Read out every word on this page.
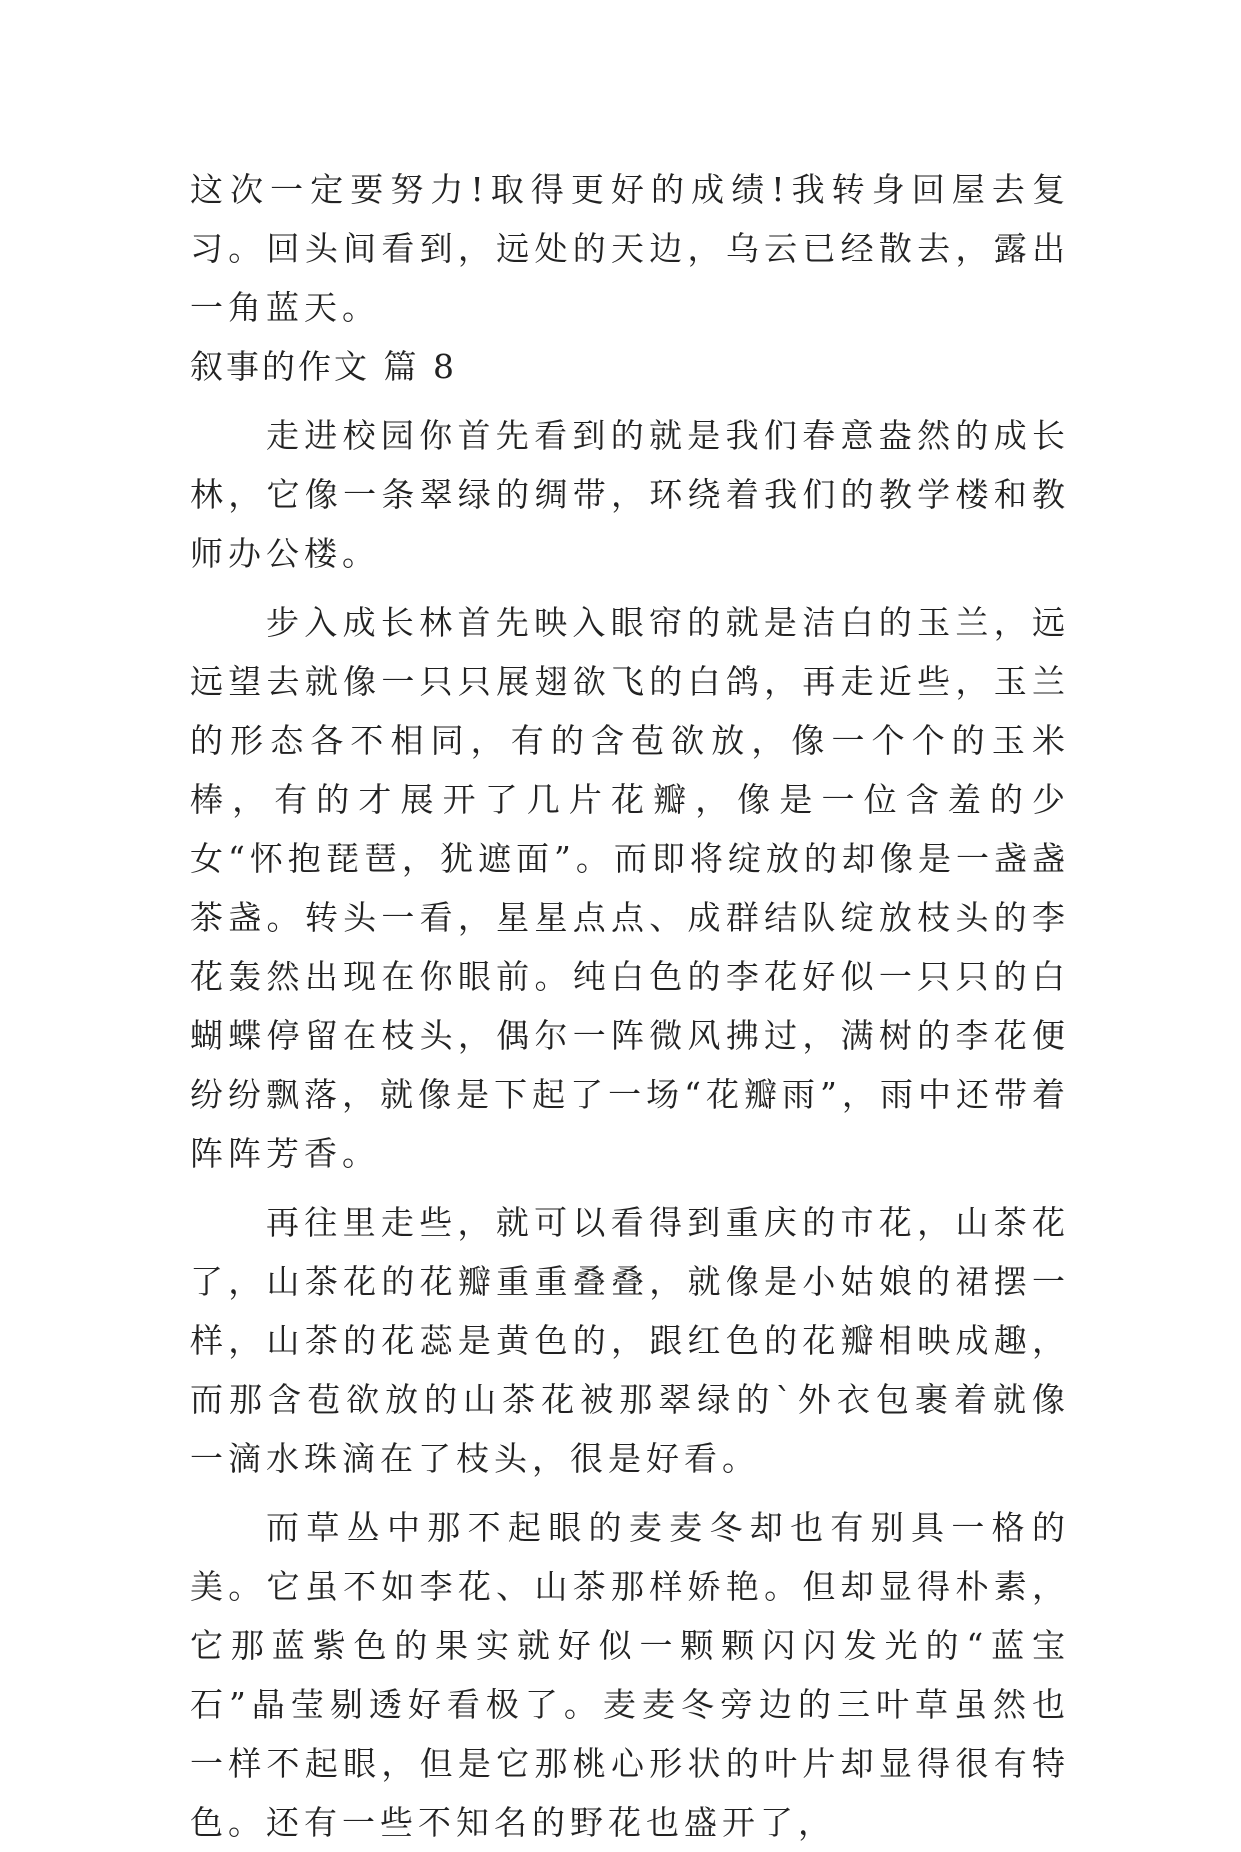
这次一定要努力!取得更好的成绩!我转身回屋去复习。回头间看到，远处的天边，乌云已经散去，露出一角蓝天。

叙事的作文 篇 8

走进校园你首先看到的就是我们春意盎然的成长林，它像一条翠绿的绸带，环绕着我们的教学楼和教师办公楼。

步入成长林首先映入眼帘的就是洁白的玉兰，远远望去就像一只只展翅欲飞的白鸽，再走近些，玉兰的形态各不相同，有的含苞欲放，像一个个的玉米棒，有的才展开了几片花瓣，像是一位含羞的少女“怀抱琵琶，犹遮面”。而即将绽放的却像是一盏盏茶盏。转头一看，星星点点、成群结队绽放枝头的李花轰然出现在你眼前。纯白色的李花好似一只只的白蝴蝶停留在枝头，偶尔一阵微风拂过，满树的李花便纷纷飘落，就像是下起了一场“花瓣雨”，雨中还带着阵阵芳香。

再往里走些，就可以看得到重庆的市花，山茶花了，山茶花的花瓣重重叠叠，就像是小姑娘的裙摆一样，山茶的花蕊是黄色的，跟红色的花瓣相映成趣，而那含苞欲放的山茶花被那翠绿的`外衣包裹着就像一滴水珠滴在了枝头，很是好看。

而草丛中那不起眼的麦麦冬却也有别具一格的美。它虽不如李花、山茶那样娇艳。但却显得朴素，它那蓝紫色的果实就好似一颗颗闪闪发光的“蓝宝石”晶莹剔透好看极了。麦麦冬旁边的三叶草虽然也一样不起眼，但是它那桃心形状的叶片却显得很有特色。还有一些不知名的野花也盛开了，
